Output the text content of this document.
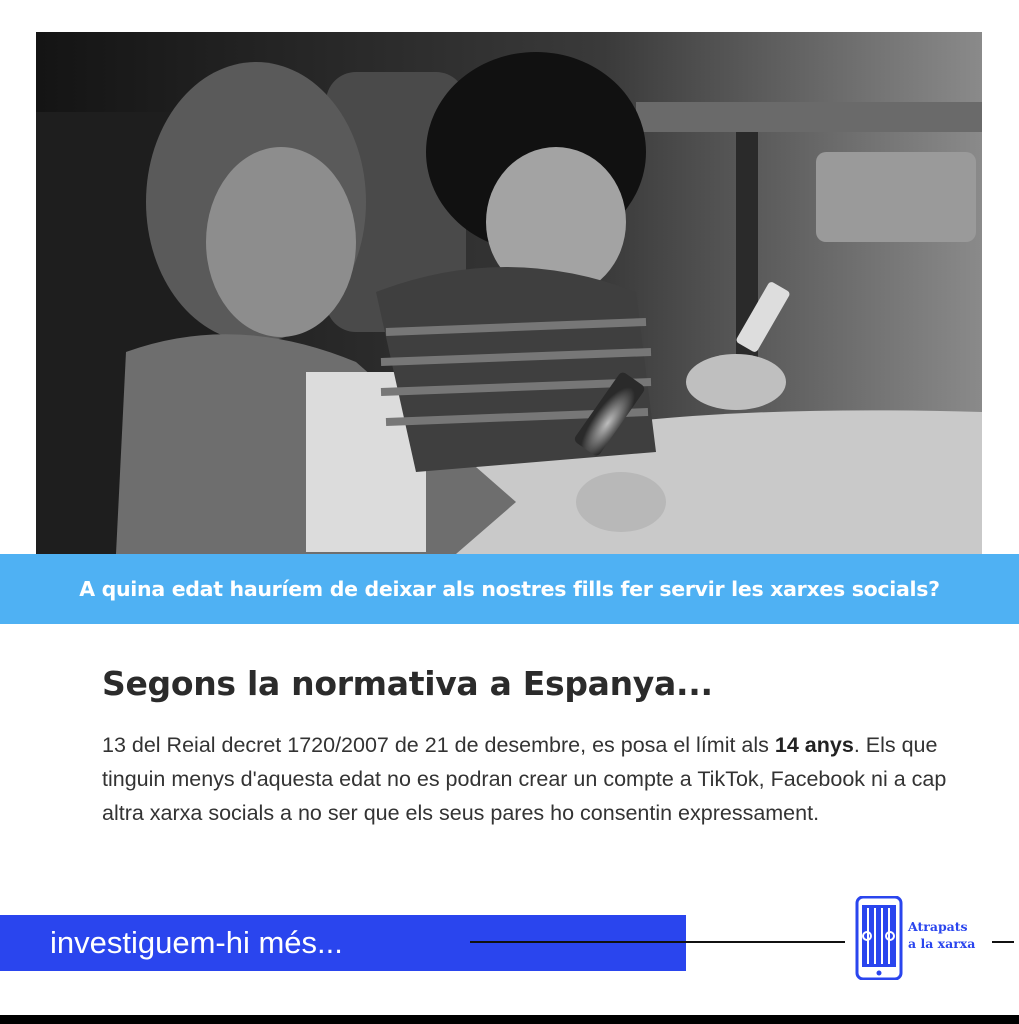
A quina edat hauríem de deixar als nostres fills fer servir les xarxes socials?
Segons la normativa a Espanya...
13 del Reial decret 1720/2007 de 21 de desembre, es posa el límit als 14 anys. Els que tinguin menys d'aquesta edat no es podran crear un compte a TikTok, Facebook ni a cap altra xarxa socials a no ser que els seus pares ho consentin expressament.
investiguem-hi més...	Atrapats
a la xarxa
